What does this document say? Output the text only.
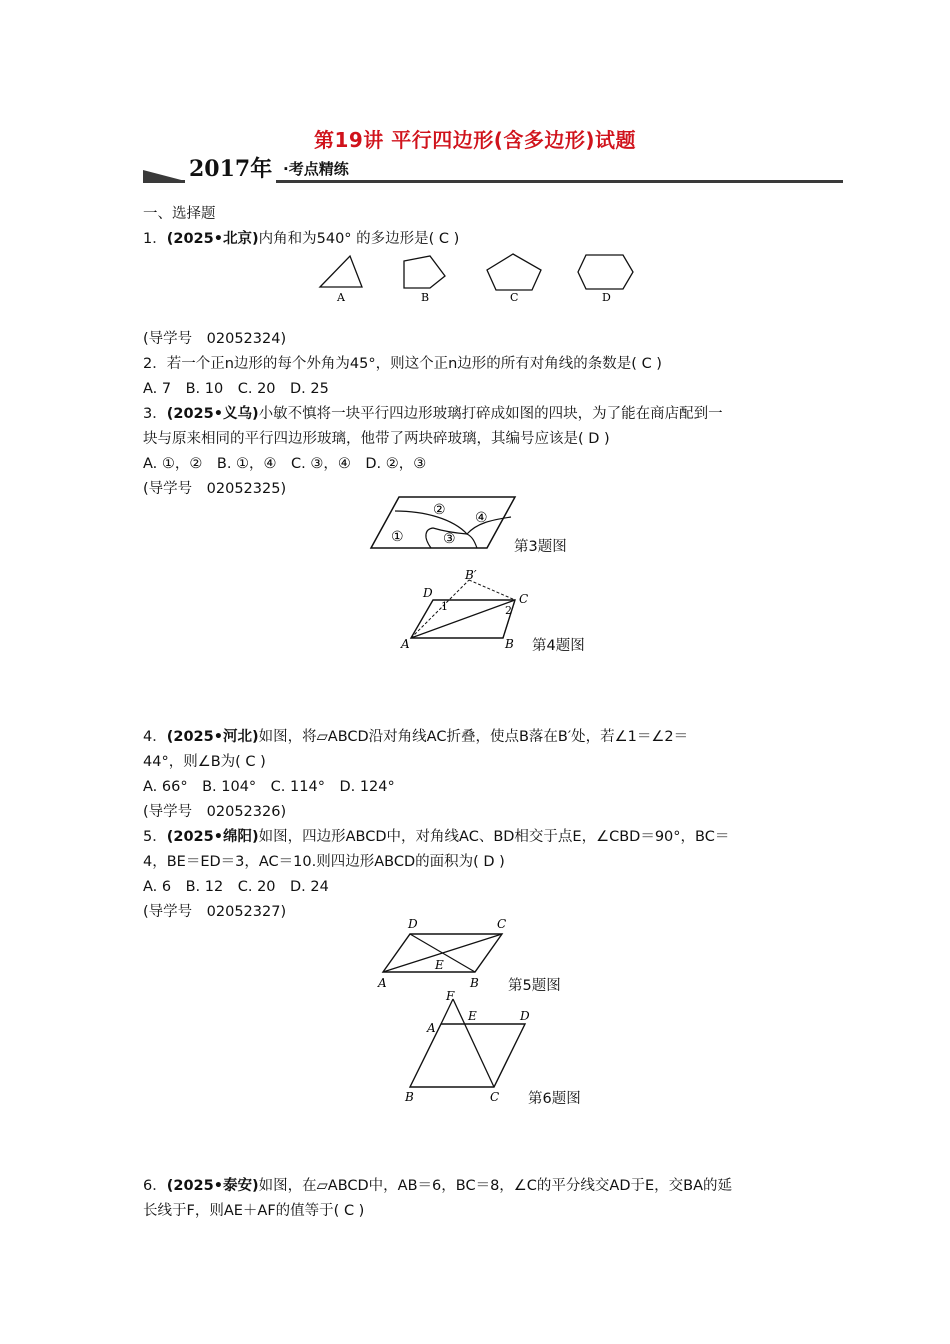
第19讲 平行四边形(含多边形)试题
2017年 ·考点精练
一、选择题
1．(2025•北京)内角和为540° 的多边形是( C )
A	B	C	D
(导学号　02052324)
2．若一个正n边形的每个外角为45°，则这个正n边形的所有对角线的条数是( C )
A. 7　B. 10　C. 20　D. 25
3．(2025•义乌)小敏不慎将一块平行四边形玻璃打碎成如图的四块，为了能在商店配到一
块与原来相同的平行四边形玻璃，他带了两块碎玻璃，其编号应该是( D )
A. ①，②　B. ①，④　C. ③，④　D. ②，③
(导学号　02052325)
①
②
③
④
第3题图
D
B′
C
A	B
1	2
第4题图
4．(2025•河北)如图，将▱ABCD沿对角线AC折叠，使点B落在B′处，若∠1＝∠2＝
44°，则∠B为( C )
A. 66°　B. 104°　C. 114°　D. 124°
(导学号　02052326)
5．(2025•绵阳)如图，四边形ABCD中，对角线AC、BD相交于点E，∠CBD＝90°，BC＝
4，BE＝ED＝3，AC＝10.则四边形ABCD的面积为( D )
A. 6　B. 12　C. 20　D. 24
(导学号　02052327)
D	C
E
A	B 第5题图
F
A
E	D
B	C 第6题图
6．(2025•泰安)如图，在▱ABCD中，AB＝6，BC＝8，∠C的平分线交AD于E，交BA的延
长线于F，则AE＋AF的值等于( C )
